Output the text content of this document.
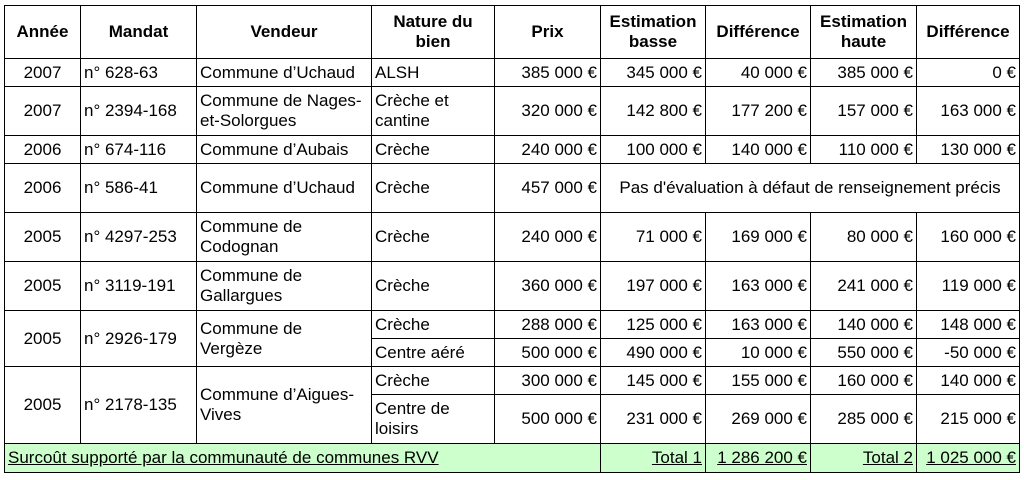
Année	Mandat	Vendeur	Nature du bien	Prix	Estimation basse	Différence	Estimation haute	Différence
2007	n° 628-63	Commune d’Uchaud	ALSH	385 000 €	345 000 €	40 000 €	385 000 €	0 €
2007	n° 2394-168	Commune de Nages-et-Solorgues	Crèche et cantine	320 000 €	142 800 €	177 200 €	157 000 €	163 000 €
2006	n° 674-116	Commune d’Aubais	Crèche	240 000 €	100 000 €	140 000 €	110 000 €	130 000 €
2006	n° 586-41	Commune d’Uchaud	Crèche	457 000 €	Pas d'évaluation à défaut de renseignement précis			
2005	n° 4297-253	Commune de Codognan	Crèche	240 000 €	71 000 €	169 000 €	80 000 €	160 000 €
2005	n° 3119-191	Commune de Gallargues	Crèche	360 000 €	197 000 €	163 000 €	241 000 €	119 000 €
2005	n° 2926-179	Commune de Vergèze	Crèche	288 000 €	125 000 €	163 000 €	140 000 €	148 000 €
			Centre aéré	500 000 €	490 000 €	10 000 €	550 000 €	-50 000 €
2005	n° 2178-135	Commune d’Aigues-Vives	Crèche	300 000 €	145 000 €	155 000 €	160 000 €	140 000 €
			Centre de loisirs	500 000 €	231 000 €	269 000 €	285 000 €	215 000 €
Surcoût supporté par la communauté de communes RVV					Total 1	1 286 200 €	Total 2	1 025 000 €
